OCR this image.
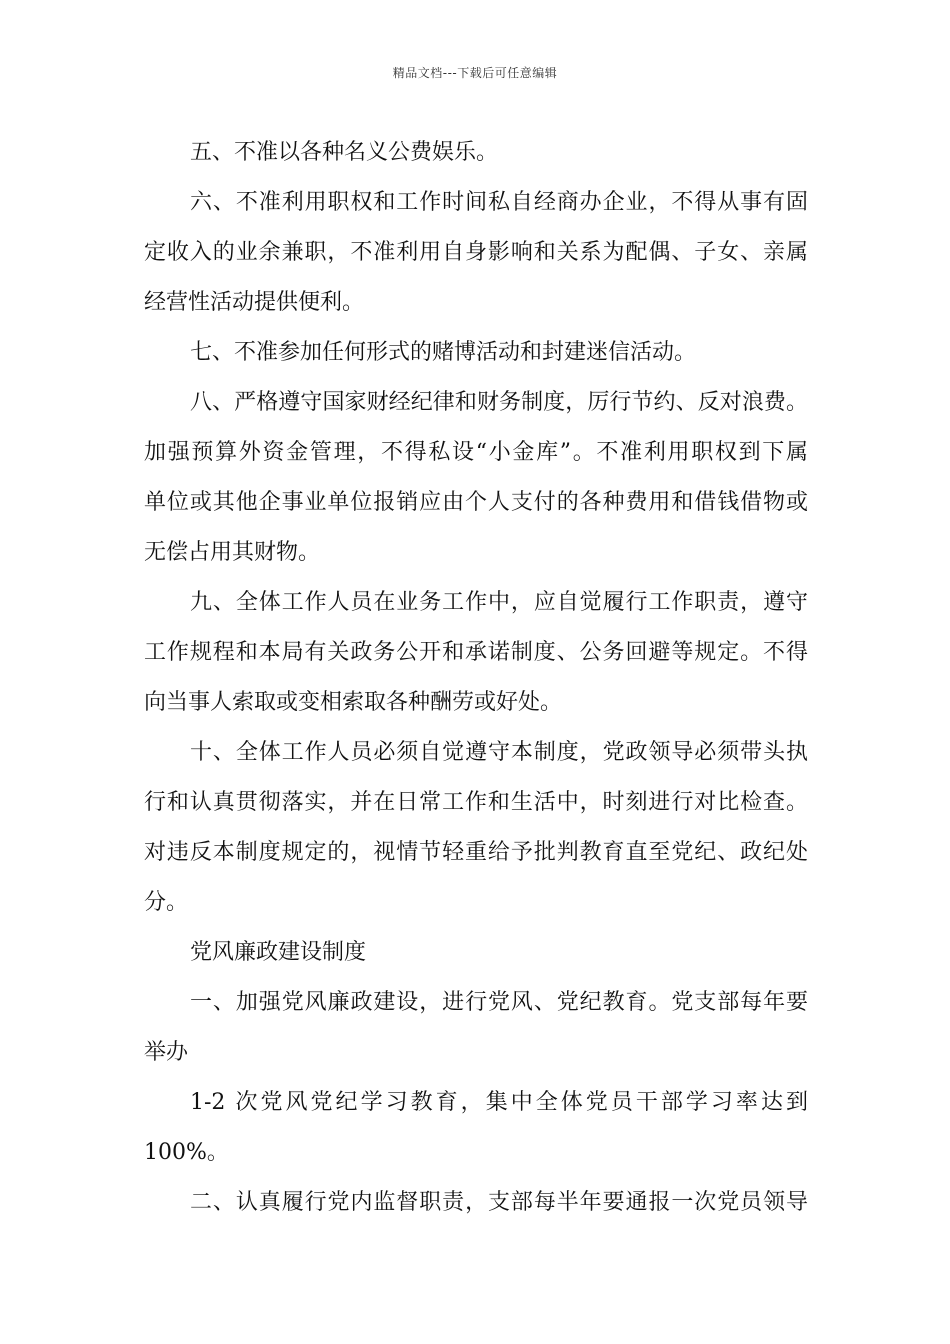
精品文档---下载后可任意编辑
五、不准以各种名义公费娱乐。
六、不准利用职权和工作时间私自经商办企业，不得从事有固
定收入的业余兼职，不准利用自身影响和关系为配偶、子女、亲属
经营性活动提供便利。
七、不准参加任何形式的赌博活动和封建迷信活动。
八、严格遵守国家财经纪律和财务制度，厉行节约、反对浪费。
加强预算外资金管理，不得私设“小金库”。不准利用职权到下属
单位或其他企事业单位报销应由个人支付的各种费用和借钱借物或
无偿占用其财物。
九、全体工作人员在业务工作中，应自觉履行工作职责，遵守
工作规程和本局有关政务公开和承诺制度、公务回避等规定。不得
向当事人索取或变相索取各种酬劳或好处。
十、全体工作人员必须自觉遵守本制度，党政领导必须带头执
行和认真贯彻落实，并在日常工作和生活中，时刻进行对比检查。
对违反本制度规定的，视情节轻重给予批判教育直至党纪、政纪处
分。
党风廉政建设制度
一、加强党风廉政建设，进行党风、党纪教育。党支部每年要
举办
1-2 次党风党纪学习教育，集中全体党员干部学习率达到
100%。
二、认真履行党内监督职责，支部每半年要通报一次党员领导
